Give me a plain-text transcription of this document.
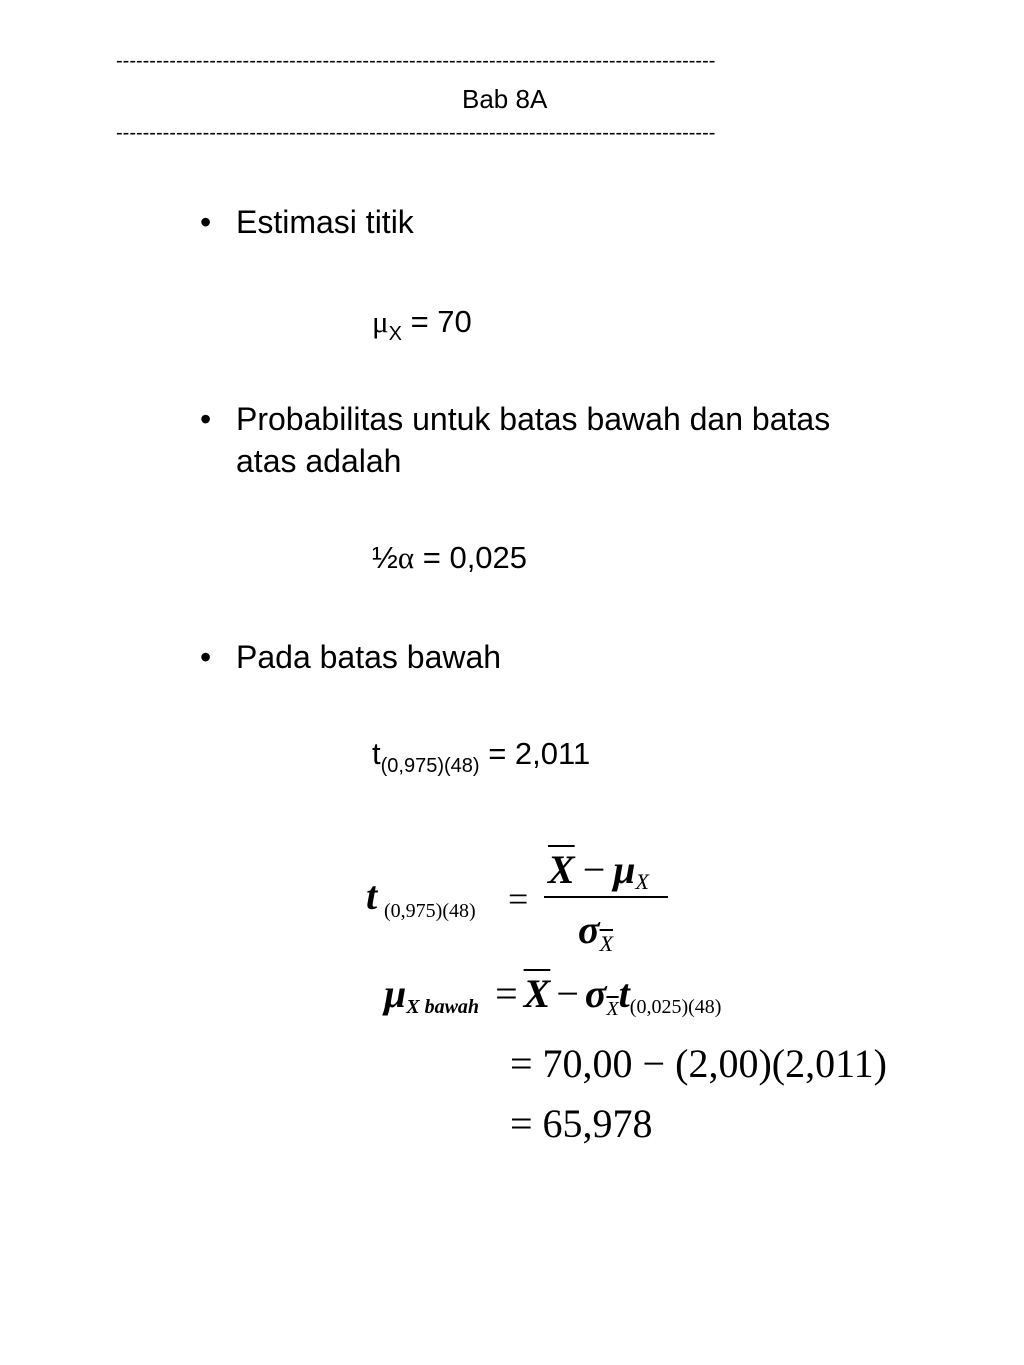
------------------------------------------------------------------------------------------
Bab 8A
------------------------------------------------------------------------------------------
• Estimasi titik
$\mu_X = 70$
• Probabilitas untuk batas bawah dan batas
atas adalah
½α = 0,025
• Pada batas bawah
$t_{(0,975)(48)} = 2,011$
t (0,975)(48) =
$\overline{X} - \mu_X$
$\sigma_{\overline{X}}$
$\mu_{X bawah} = \overline{X} - \sigma_{\overline{X}}t_{(0,025)(48)}$
= 70,00 − (2,00)(2,011)
= 65,978
